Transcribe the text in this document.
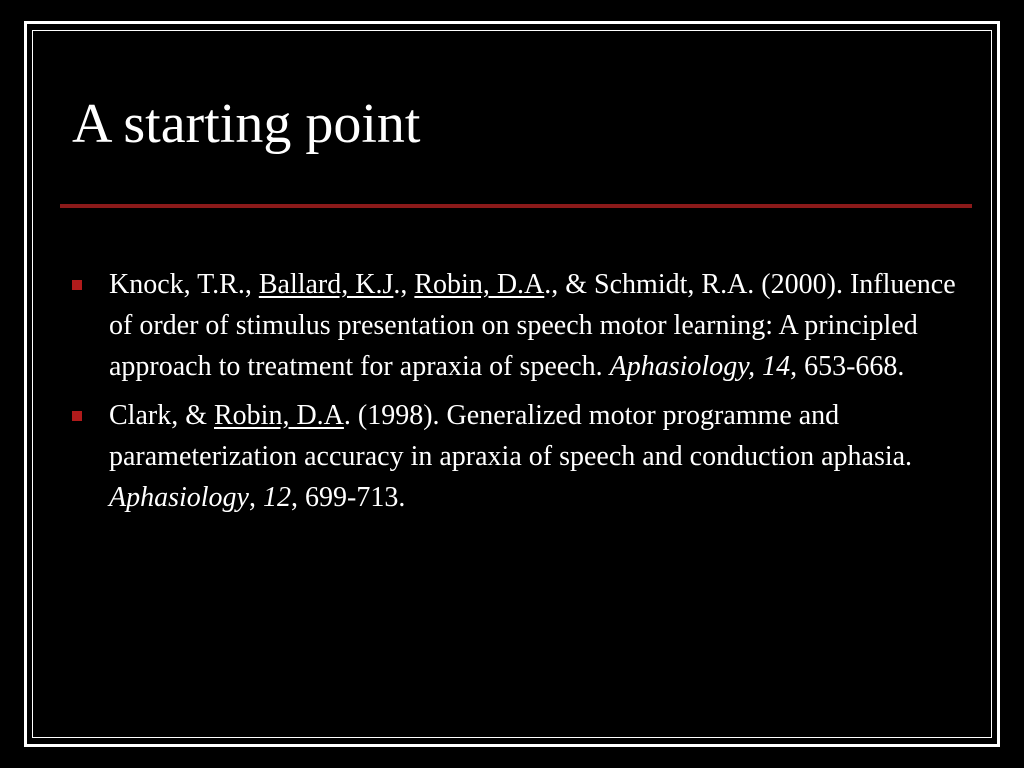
A starting point
Knock, T.R., Ballard, K.J., Robin, D.A., & Schmidt, R.A. (2000). Influence of order of stimulus presentation on speech motor learning: A principled approach to treatment for apraxia of speech. Aphasiology, 14, 653-668.
Clark, & Robin, D.A. (1998). Generalized motor programme and parameterization accuracy in apraxia of speech and conduction aphasia. Aphasiology, 12, 699-713.
